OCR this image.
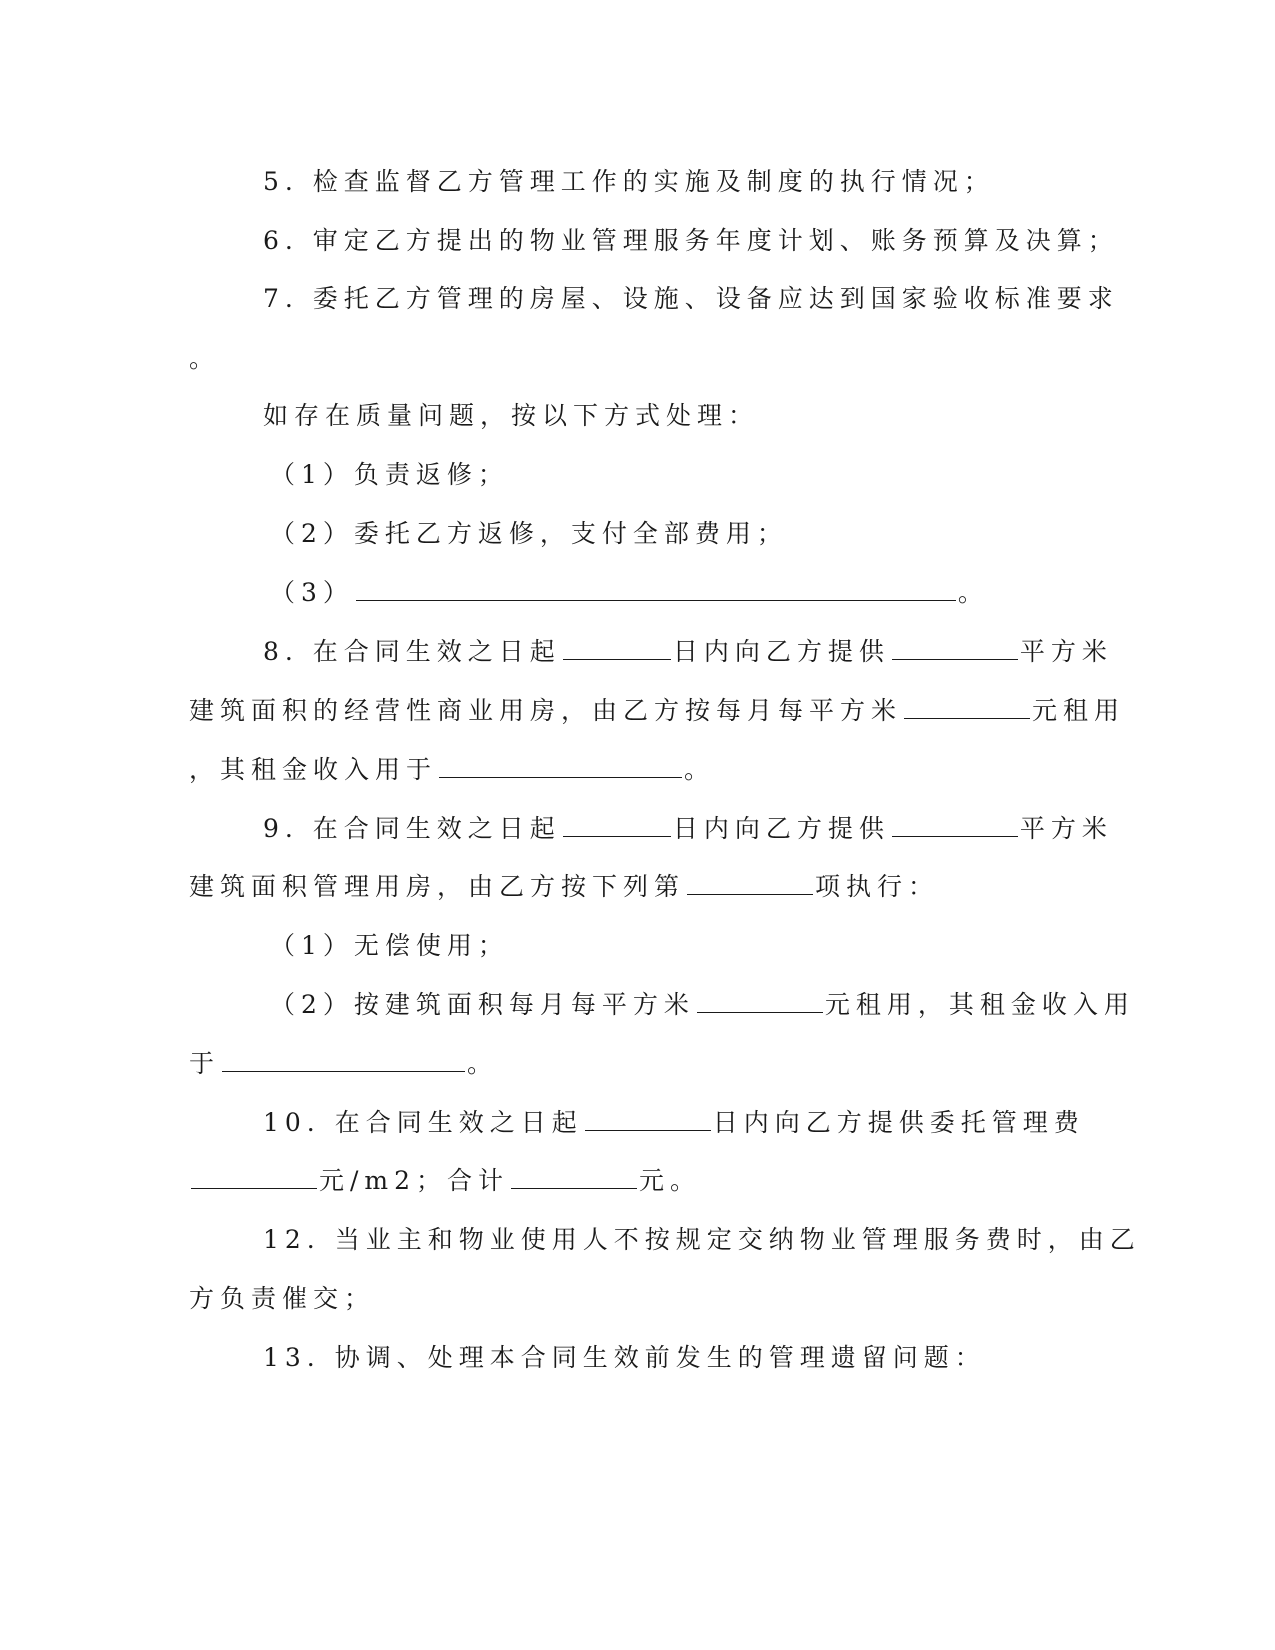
5. 检查监督乙方管理工作的实施及制度的执行情况；
6. 审定乙方提出的物业管理服务年度计划、账务预算及决算；
7. 委托乙方管理的房屋、设施、设备应达到国家验收标准要求
。
如存在质量问题，按以下方式处理：
（1）负责返修；
（2）委托乙方返修，支付全部费用；
（3）	。
8. 在合同生效之日起	日内向乙方提供	平方米
建筑面积的经营性商业用房，由乙方按每月每平方米	元租用
，其租金收入用于	。
9. 在合同生效之日起	日内向乙方提供	平方米
建筑面积管理用房，由乙方按下列第	项执行：
（1）无偿使用；
（2）按建筑面积每月每平方米	元租用，其租金收入用
于	。
10. 在合同生效之日起	日内向乙方提供委托管理费
元/m2；合计	元。
12. 当业主和物业使用人不按规定交纳物业管理服务费时，由乙
方负责催交；
13. 协调、处理本合同生效前发生的管理遗留问题：
